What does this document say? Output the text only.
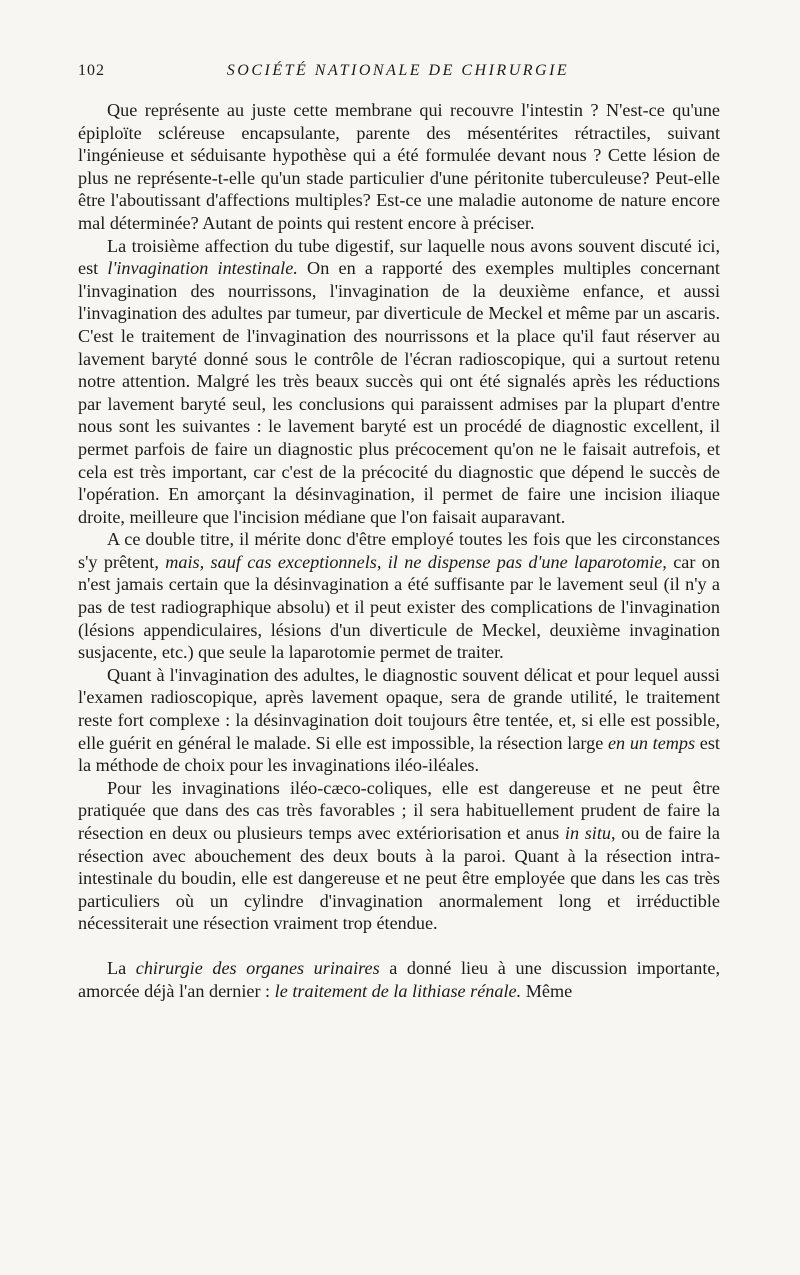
102	SOCIÉTÉ NATIONALE DE CHIRURGIE

Que représente au juste cette membrane qui recouvre l'intestin ? N'est-ce qu'une épiploïte scléreuse encapsulante, parente des mésentérites rétractiles, suivant l'ingénieuse et séduisante hypothèse qui a été formulée devant nous ? Cette lésion de plus ne représente-t-elle qu'un stade particulier d'une péritonite tuberculeuse? Peut-elle être l'aboutissant d'affections multiples? Est-ce une maladie autonome de nature encore mal déterminée? Autant de points qui restent encore à préciser.

La troisième affection du tube digestif, sur laquelle nous avons souvent discuté ici, est l'invagination intestinale. On en a rapporté des exemples multiples concernant l'invagination des nourrissons, l'invagination de la deuxième enfance, et aussi l'invagination des adultes par tumeur, par diverticule de Meckel et même par un ascaris. C'est le traitement de l'invagination des nourrissons et la place qu'il faut réserver au lavement baryté donné sous le contrôle de l'écran radioscopique, qui a surtout retenu notre attention. Malgré les très beaux succès qui ont été signalés après les réductions par lavement baryté seul, les conclusions qui paraissent admises par la plupart d'entre nous sont les suivantes : le lavement baryté est un procédé de diagnostic excellent, il permet parfois de faire un diagnostic plus précocement qu'on ne le faisait autrefois, et cela est très important, car c'est de la précocité du diagnostic que dépend le succès de l'opération. En amorçant la désinvagination, il permet de faire une incision iliaque droite, meilleure que l'incision médiane que l'on faisait auparavant.

A ce double titre, il mérite donc d'être employé toutes les fois que les circonstances s'y prêtent, mais, sauf cas exceptionnels, il ne dispense pas d'une laparotomie, car on n'est jamais certain que la désinvagination a été suffisante par le lavement seul (il n'y a pas de test radiographique absolu) et il peut exister des complications de l'invagination (lésions appendiculaires, lésions d'un diverticule de Meckel, deuxième invagination susjacente, etc.) que seule la laparotomie permet de traiter.

Quant à l'invagination des adultes, le diagnostic souvent délicat et pour lequel aussi l'examen radioscopique, après lavement opaque, sera de grande utilité, le traitement reste fort complexe : la désinvagination doit toujours être tentée, et, si elle est possible, elle guérit en général le malade. Si elle est impossible, la résection large en un temps est la méthode de choix pour les invaginations iléo-iléales.

Pour les invaginations iléo-cæco-coliques, elle est dangereuse et ne peut être pratiquée que dans des cas très favorables ; il sera habituellement prudent de faire la résection en deux ou plusieurs temps avec extériorisation et anus in situ, ou de faire la résection avec abouchement des deux bouts à la paroi. Quant à la résection intra-intestinale du boudin, elle est dangereuse et ne peut être employée que dans les cas très particuliers où un cylindre d'invagination anormalement long et irréductible nécessiterait une résection vraiment trop étendue.

La chirurgie des organes urinaires a donné lieu à une discussion importante, amorcée déjà l'an dernier : le traitement de la lithiase rénale. Même
